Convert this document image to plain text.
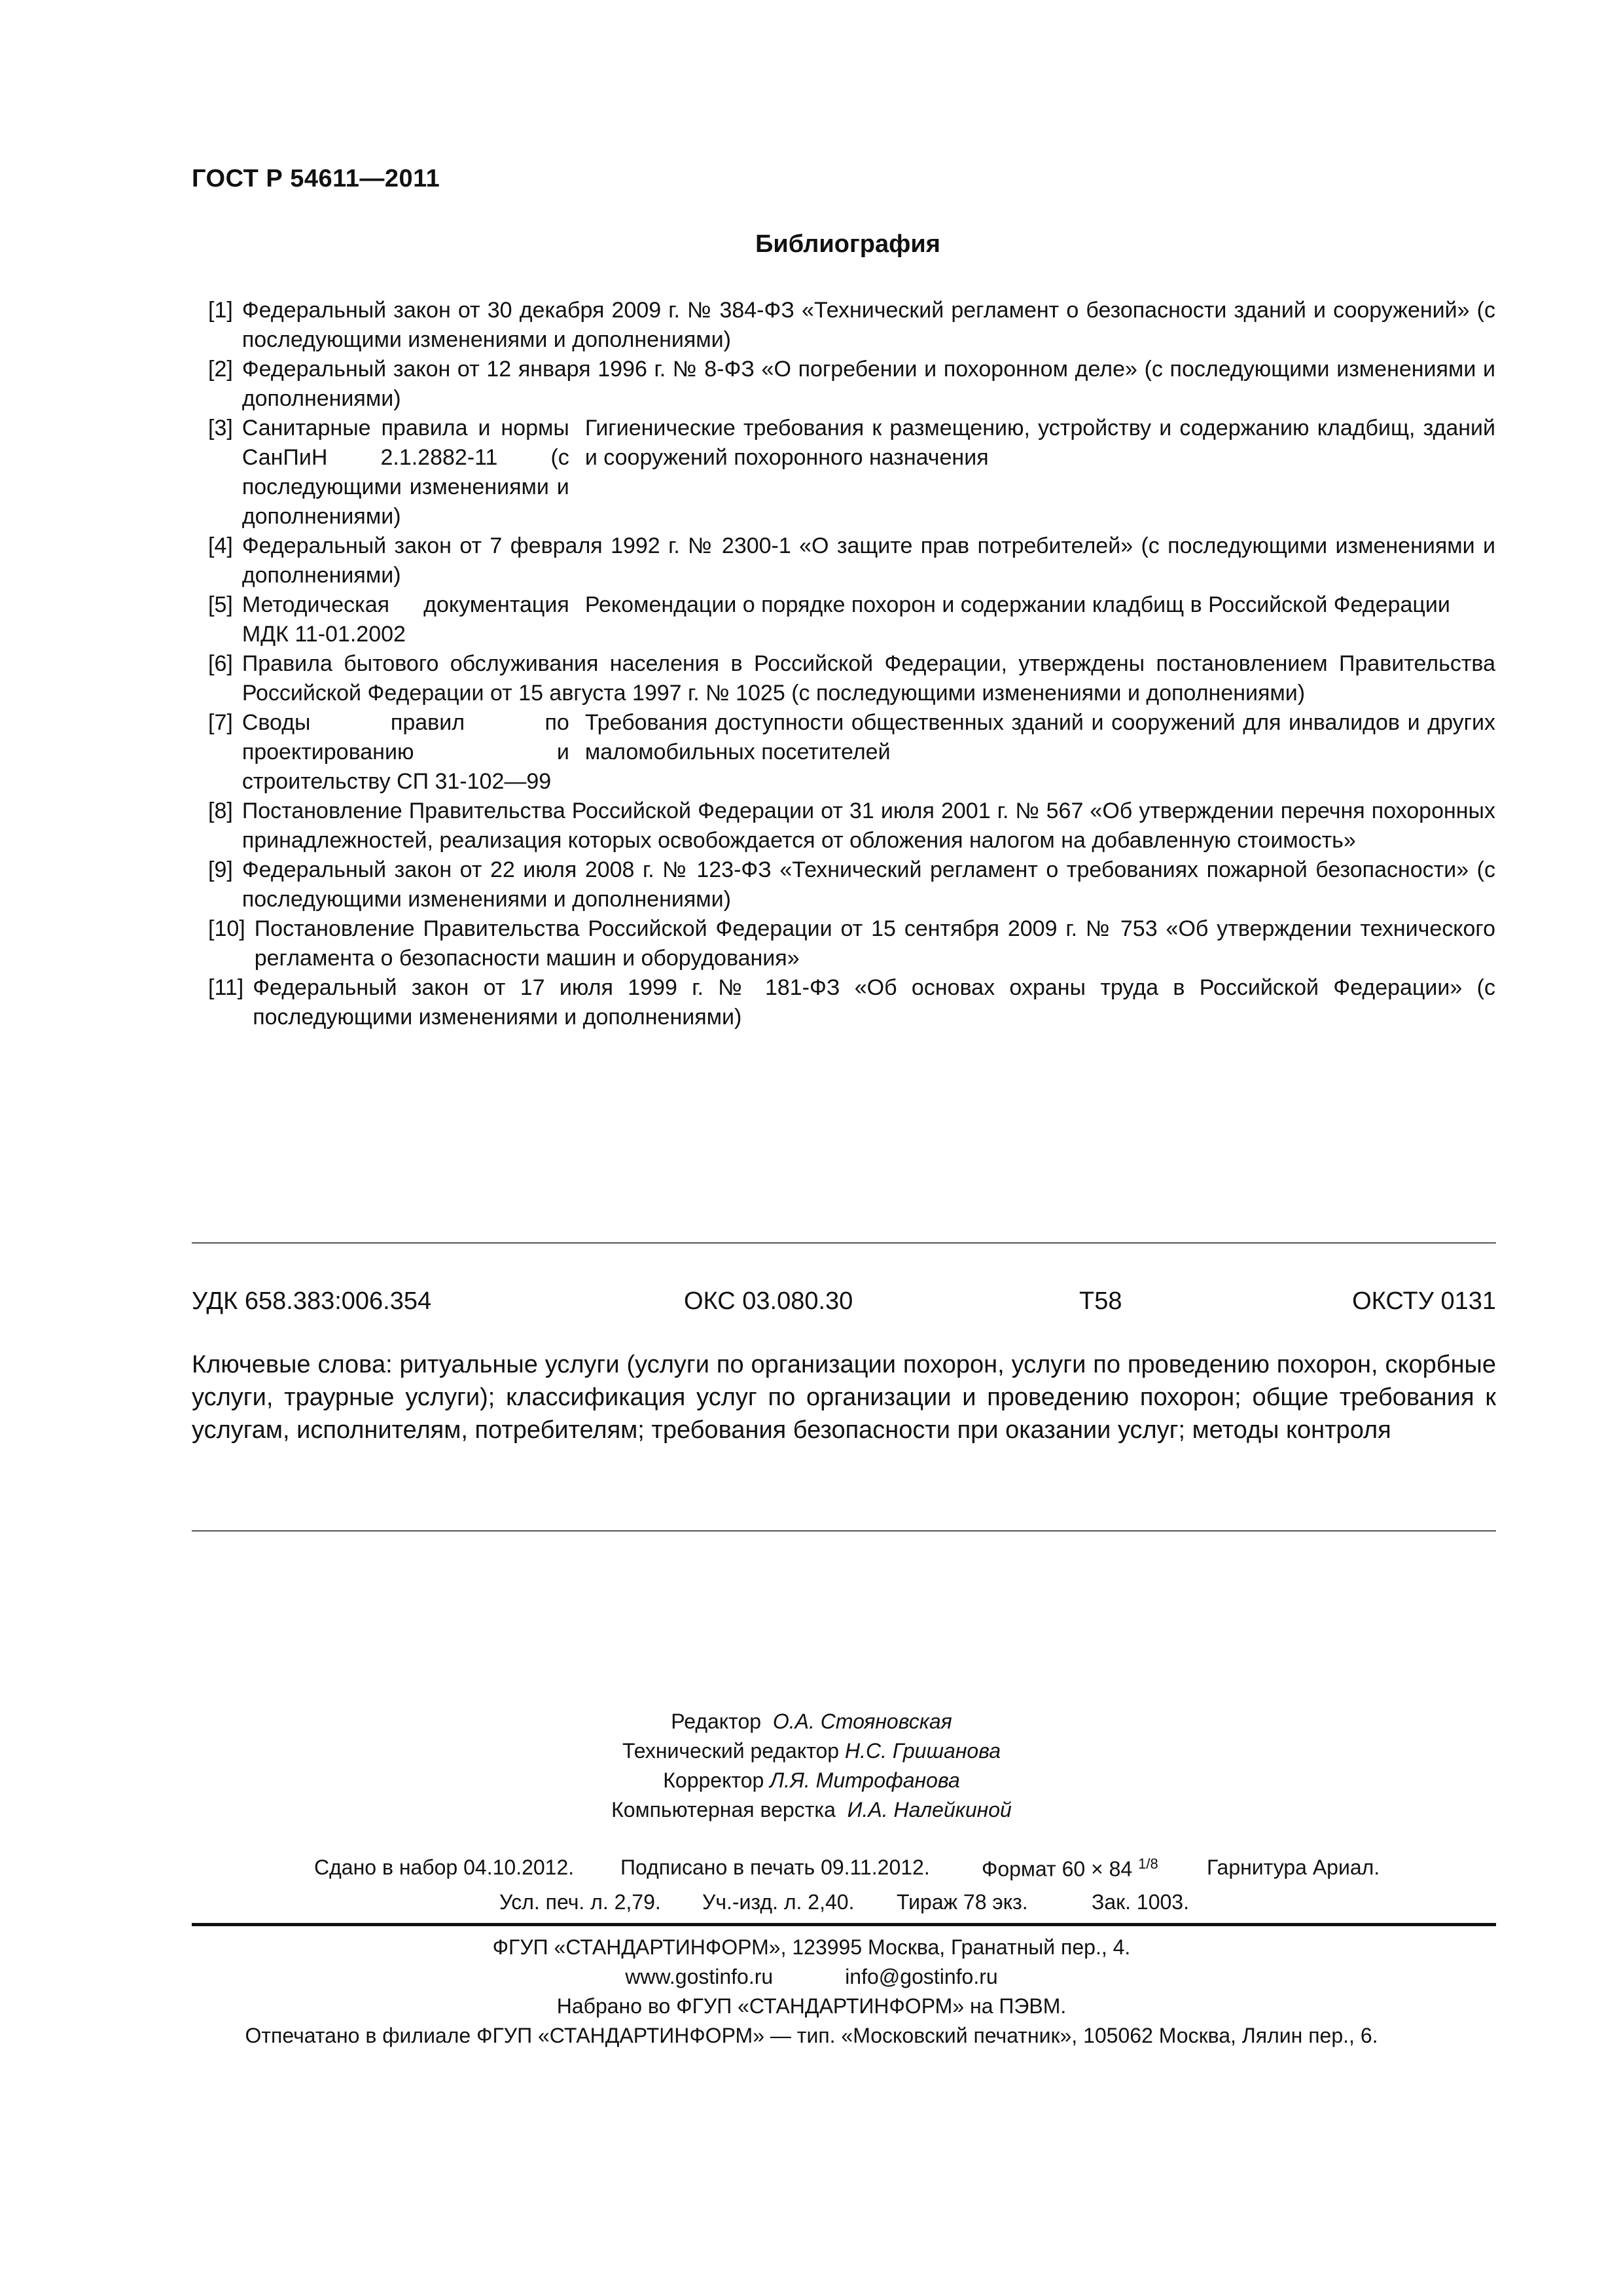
ГОСТ Р 54611—2011
Библиография
[1] Федеральный закон от 30 декабря 2009 г. № 384-ФЗ «Технический регламент о безопасности зданий и сооружений» (с последующими изменениями и дополнениями)
[2] Федеральный закон от 12 января 1996 г. № 8-ФЗ «О погребении и похоронном деле» (с последующими изменениями и дополнениями)
[3] Санитарные правила и нормы СанПиН 2.1.2882-11 (с последующими изменениями и дополнениями)
Гигиенические требования к размещению, устройству и содержанию кладбищ, зданий и сооружений похоронного назначения
[4] Федеральный закон от 7 февраля 1992 г. № 2300-1 «О защите прав потребителей» (с последующими изменениями и дополнениями)
[5] Методическая документация МДК 11-01.2002
Рекомендации о порядке похорон и содержании кладбищ в Российской Федерации
[6] Правила бытового обслуживания населения в Российской Федерации, утверждены постановлением Правительства Российской Федерации от 15 августа 1997 г. № 1025 (с последующими изменениями и дополнениями)
[7] Своды правил по проектированию и строительству СП 31-102—99
Требования доступности общественных зданий и сооружений для инвалидов и других маломобильных посетителей
[8] Постановление Правительства Российской Федерации от 31 июля 2001 г. № 567 «Об утверждении перечня похоронных принадлежностей, реализация которых освобождается от обложения налогом на добавленную стоимость»
[9] Федеральный закон от 22 июля 2008 г. № 123-ФЗ «Технический регламент о требованиях пожарной безопасности» (с последующими изменениями и дополнениями)
[10] Постановление Правительства Российской Федерации от 15 сентября 2009 г. № 753 «Об утверждении технического регламента о безопасности машин и оборудования»
[11] Федеральный закон от 17 июля 1999 г. № 181-ФЗ «Об основах охраны труда в Российской Федерации» (с последующими изменениями и дополнениями)
УДК 658.383:006.354	ОКС 03.080.30	Т58	ОКСТУ 0131
Ключевые слова: ритуальные услуги (услуги по организации похорон, услуги по проведению похорон, скорбные услуги, траурные услуги); классификация услуг по организации и проведению похорон; общие требования к услугам, исполнителям, потребителям; требования безопасности при оказании услуг; методы контроля
Редактор О.А. Стояновская
Технический редактор Н.С. Гришанова
Корректор Л.Я. Митрофанова
Компьютерная верстка И.А. Налейкиной
Сдано в набор 04.10.2012. Подписано в печать 09.11.2012. Формат 60 × 84 $^{1/8}$ Гарнитура Ариал.
Усл. печ. л. 2,79. Уч.-изд. л. 2,40. Тираж 78 экз.	Зак. 1003.
ФГУП «СТАНДАРТИНФОРМ», 123995 Москва, Гранатный пер., 4.
www.gostinfo.ru	info@gostinfo.ru
Набрано во ФГУП «СТАНДАРТИНФОРМ» на ПЭВМ.
Отпечатано в филиале ФГУП «СТАНДАРТИНФОРМ» — тип. «Московский печатник», 105062 Москва, Лялин пер., 6.
